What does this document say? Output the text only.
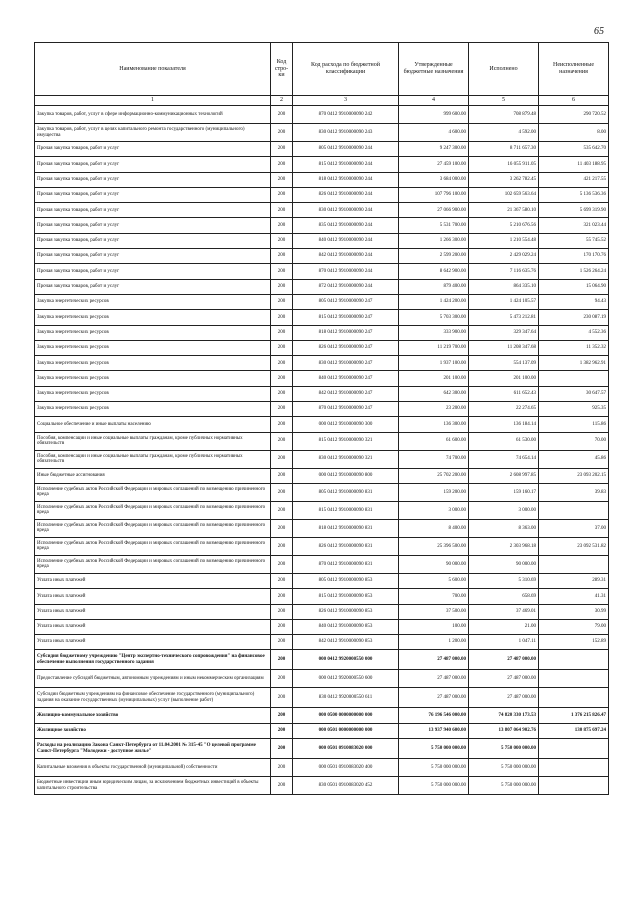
65
Наименование показателя	Код стро-ки	Код расхода по бюджетной классификации	Утвержденные бюджетные назначения	Исполнено	Неисполненные назначения
1	2	3	4	5	6
Закупка товаров, работ, услуг в сфере информационно-коммуникационных технологий	200	870 0412 9910000090 242	999 600.00	708 879.48	290 720.52
Закупка товаров, работ, услуг в целях капитального ремонта государственного (муниципального) имущества	200	830 0412 9910000090 243	4 600.00	4 592.00	8.00
Прочая закупка товаров, работ и услуг	200	805 0412 9910000090 244	9 247 300.00	8 711 657.30	535 642.70
Прочая закупка товаров, работ и услуг	200	815 0412 9910000090 244	27 459 100.00	16 055 911.05	11 403 188.95
Прочая закупка товаров, работ и услуг	200	818 0412 9910000090 244	3 684 000.00	3 262 782.45	421 217.55
Прочая закупка товаров, работ и услуг	200	826 0412 9910000090 244	107 796 100.00	102 659 563.64	5 136 536.36
Прочая закупка товаров, работ и услуг	200	830 0412 9910000090 244	27 066 900.00	21 367 580.10	5 699 319.90
Прочая закупка товаров, работ и услуг	200	835 0412 9910000090 244	5 531 700.00	5 210 676.56	321 023.44
Прочая закупка товаров, работ и услуг	200	840 0412 9910000090 244	1 266 300.00	1 210 554.48	55 745.52
Прочая закупка товаров, работ и услуг	200	842 0412 9910000090 244	2 599 200.00	2 429 029.24	170 170.76
Прочая закупка товаров, работ и услуг	200	870 0412 9910000090 244	8 642 900.00	7 116 635.76	1 526 264.24
Прочая закупка товаров, работ и услуг	200	872 0412 9910000090 244	879 400.00	864 335.10	15 064.90
Закупка энергетических ресурсов	200	805 0412 9910000090 247	1 424 200.00	1 424 105.57	94.43
Закупка энергетических ресурсов	200	815 0412 9910000090 247	5 703 300.00	5 473 212.81	230 087.19
Закупка энергетических ресурсов	200	818 0412 9910000090 247	333 900.00	329 347.64	4 552.36
Закупка энергетических ресурсов	200	826 0412 9910000090 247	11 219 700.00	11 208 347.68	11 352.32
Закупка энергетических ресурсов	200	830 0412 9910000090 247	1 937 100.00	554 137.09	1 382 962.91
Закупка энергетических ресурсов	200	840 0412 9910000090 247	201 100.00	201 100.00	
Закупка энергетических ресурсов	200	842 0412 9910000090 247	642 300.00	611 652.43	30 647.57
Закупка энергетических ресурсов	200	870 0412 9910000090 247	23 200.00	22 274.65	925.35
Социальное обеспечение и иные выплаты населению	200	000 0412 9910000090 300	136 300.00	136 184.14	115.86
Пособия, компенсации и иные социальные выплаты гражданам, кроме публичных нормативных обязательств	200	815 0412 9910000090 321	61 600.00	61 530.00	70.00
Пособия, компенсации и иные социальные выплаты гражданам, кроме публичных нормативных обязательств	200	830 0412 9910000090 321	74 700.00	74 654.14	45.86
Иные бюджетные ассигнования	200	000 0412 9910000090 800	25 702 200.00	2 608 997.85	23 093 202.15
Исполнение судебных актов Российской Федерации и мировых соглашений по возмещению причиненного вреда	200	805 0412 9910000090 831	159 200.00	159 160.17	39.83
Исполнение судебных актов Российской Федерации и мировых соглашений по возмещению причиненного вреда	200	815 0412 9910000090 831	3 000.00	3 000.00	
Исполнение судебных актов Российской Федерации и мировых соглашений по возмещению причиненного вреда	200	818 0412 9910000090 831	8 400.00	8 363.00	37.00
Исполнение судебных актов Российской Федерации и мировых соглашений по возмещению причиненного вреда	200	826 0412 9910000090 831	25 396 500.00	2 303 968.18	23 092 531.82
Исполнение судебных актов Российской Федерации и мировых соглашений по возмещению причиненного вреда	200	870 0412 9910000090 831	90 000.00	90 000.00	
Уплата иных платежей	200	805 0412 9910000090 853	5 600.00	5 310.69	289.31
Уплата иных платежей	200	815 0412 9910000090 853	700.00	658.69	41.31
Уплата иных платежей	200	826 0412 9910000090 853	37 500.00	37 469.01	30.99
Уплата иных платежей	200	840 0412 9910000090 853	100.00	21.00	79.00
Уплата иных платежей	200	842 0412 9910000090 853	1 200.00	1 047.11	152.89
Субсидия бюджетному учреждению "Центр экспертно-технического сопровождения" на финансовое обеспечение выполнения государственного задания	200	000 0412 9920000550 000	27 487 000.00	27 487 000.00	
Предоставление субсидий бюджетным, автономным учреждениям и иным некоммерческим организациям	200	000 0412 9920000550 600	27 487 000.00	27 487 000.00	
Субсидии бюджетным учреждениям на финансовое обеспечение государственного (муниципального) задания на оказание государственных (муниципальных) услуг (выполнение работ)	200	830 0412 9920000550 611	27 487 000.00	27 487 000.00	
Жилищно-коммунальное хозяйство	200	000 0500 0000000000 000	76 196 546 000.00	74 820 330 173.53	1 376 215 826.47
Жилищное хозяйство	200	000 0501 0000000000 000	13 937 940 600.00	13 807 064 902.76	130 875 697.24
Расходы на реализацию Закона Санкт-Петербурга от 11.04.2001 № 315-45 "О целевой программе Санкт-Петербурга "Молодежи - доступное жилье"	200	000 0501 0910083020 000	5 750 000 000.00	5 750 000 000.00	
Капитальные вложения в объекты государственной (муниципальной) собственности	200	000 0501 0910083020 400	5 750 000 000.00	5 750 000 000.00	
Бюджетные инвестиции иным юридическим лицам, за исключением бюджетных инвестиций в объекты капитального строительства	200	830 0501 0910083020 452	5 750 000 000.00	5 750 000 000.00	
